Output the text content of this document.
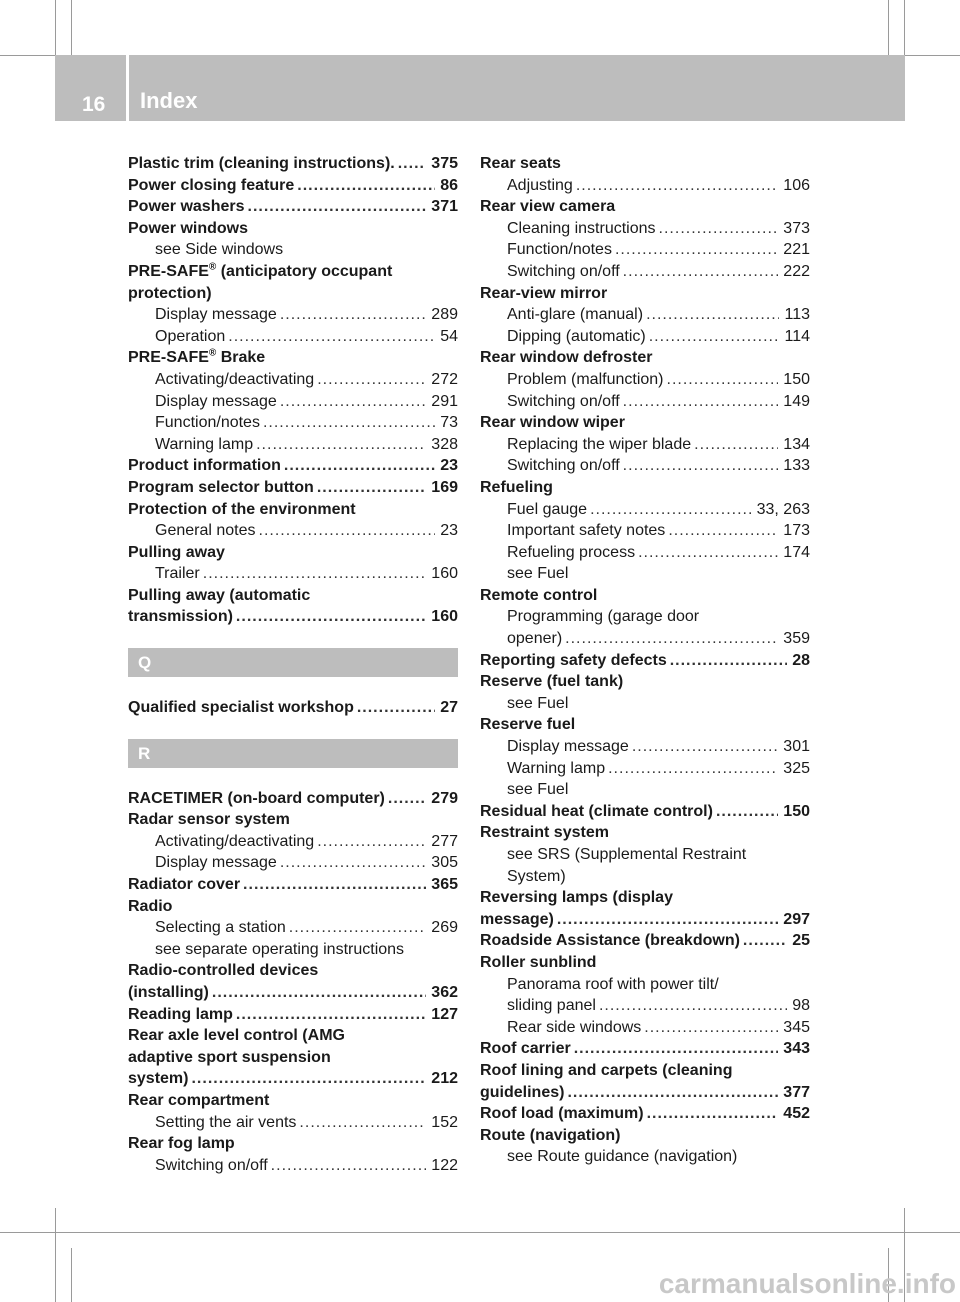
16 Index
Plastic trim (cleaning instructions) . ..... 375
Power closing feature .....	86
Power washers .....	371
Power windows
see Side windows
PRE-SAFE® (anticipatory occupant
protection)
Display message .....	289
Operation .....	54
PRE-SAFE® Brake
Activating/deactivating .....	272
Display message .....	291
Function/notes .....	73
Warning lamp .....	328
Product information .....	23
Program selector button .....	169
Protection of the environment
General notes .....	23
Pulling away
Trailer .....	160
Pulling away (automatic
transmission) .....	160
Q
Qualified specialist workshop .....	27
R
RACETIMER (on-board computer) .....	279
Radar sensor system
Activating/deactivating .....	277
Display message .....	305
Radiator cover .....	365
Radio
Selecting a station .....	269
see separate operating instructions
Radio-controlled devices
(installing) .....	362
Reading lamp .....	127
Rear axle level control (AMG
adaptive sport suspension
system) .....	212
Rear compartment
Setting the air vents .....	152
Rear fog lamp
Switching on/off .....	122
Rear seats
Adjusting .....	106
Rear view camera
Cleaning instructions .....	373
Function/notes .....	221
Switching on/off .....	222
Rear-view mirror
Anti-glare (manual) .....	113
Dipping (automatic) .....	114
Rear window defroster
Problem (malfunction) .....	150
Switching on/off .....	149
Rear window wiper
Replacing the wiper blade .....	134
Switching on/off .....	133
Refueling
Fuel gauge .....	33, 263
Important safety notes .....	173
Refueling process .....	174
see Fuel
Remote control
Programming (garage door
opener) .....	359
Reporting safety defects .....	28
Reserve (fuel tank)
see Fuel
Reserve fuel
Display message .....	301
Warning lamp .....	325
see Fuel
Residual heat (climate control) .....	150
Restraint system
see SRS (Supplemental Restraint
System)
Reversing lamps (display
message) .....	297
Roadside Assistance (breakdown) .....	25
Roller sunblind
Panorama roof with power tilt/
sliding panel .....	98
Rear side windows .....	345
Roof carrier .....	343
Roof lining and carpets (cleaning
guidelines) .....	377
Roof load (maximum) .....	452
Route (navigation)
see Route guidance (navigation)
carmanualsonline.info
